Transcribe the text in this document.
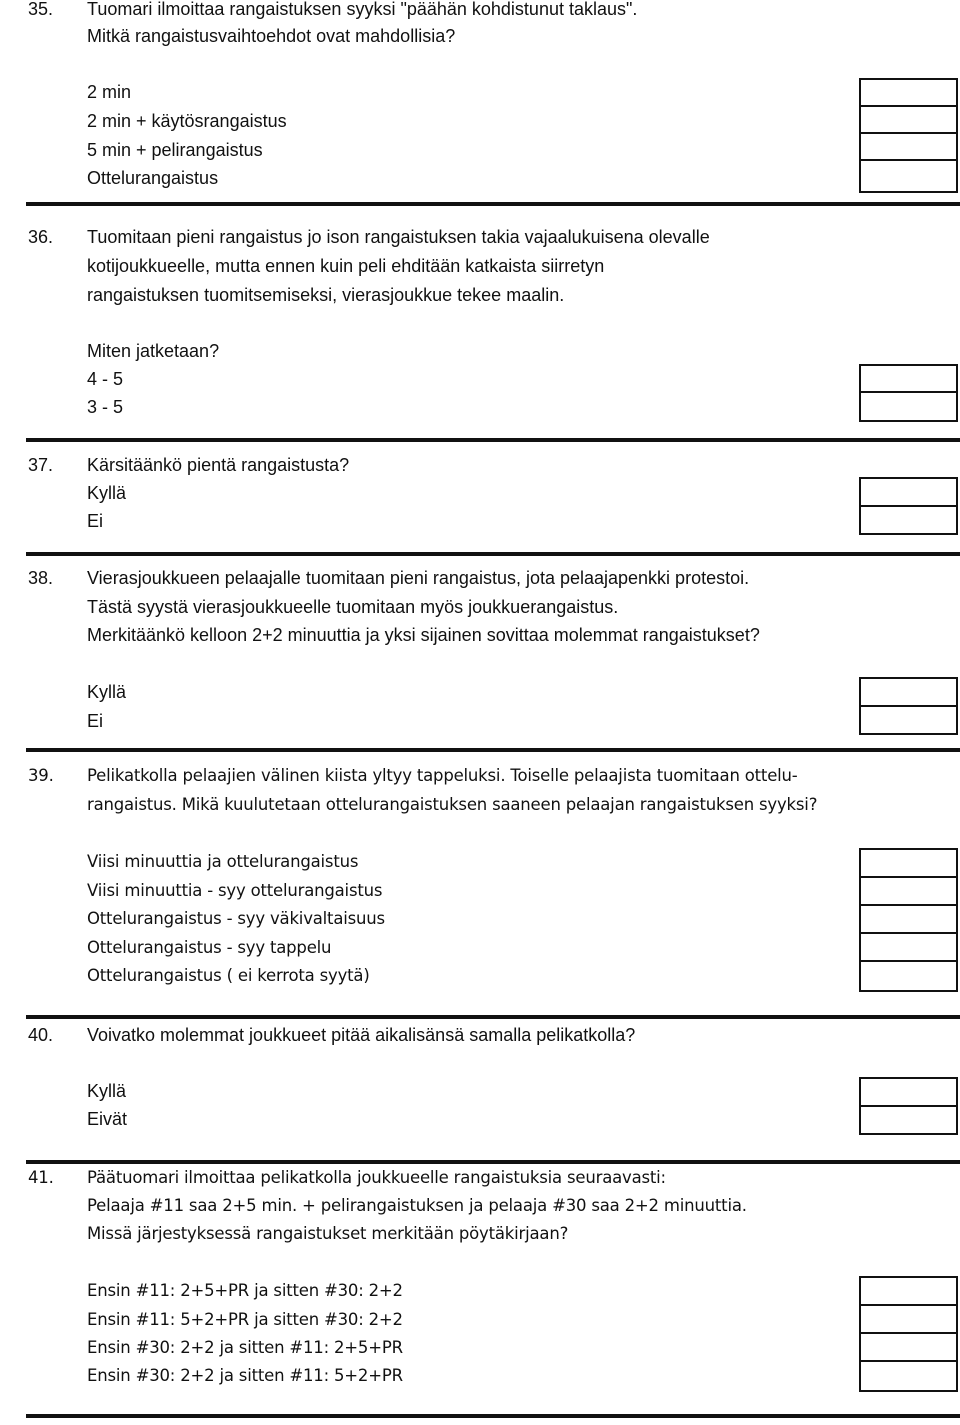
35. Tuomari ilmoittaa rangaistuksen syyksi "päähän kohdistunut taklaus".
Mitkä rangaistusvaihtoehdot ovat mahdollisia?
2 min
2 min + käytösrangaistus
5 min + pelirangaistus
Ottelurangaistus
36. Tuomitaan pieni rangaistus jo ison rangaistuksen takia vajaalukuisena olevalle
kotijoukkueelle, mutta ennen kuin peli ehditään katkaista siirretyn
rangaistuksen tuomitsemiseksi, vierasjoukkue tekee maalin.
Miten jatketaan?
4 - 5
3 - 5
37. Kärsitäänkö pientä rangaistusta?
Kyllä
Ei
38. Vierasjoukkueen pelaajalle tuomitaan pieni rangaistus, jota pelaajapenkki protestoi.
Tästä syystä vierasjoukkueelle tuomitaan myös joukkuerangaistus.
Merkitäänkö kelloon 2+2 minuuttia ja yksi sijainen sovittaa molemmat rangaistukset?
Kyllä
Ei
39. Pelikatkolla pelaajien välinen kiista yltyy tappeluksi. Toiselle pelaajista tuomitaan ottelu-
rangaistus. Mikä kuulutetaan ottelurangaistuksen saaneen pelaajan rangaistuksen syyksi?
Viisi minuuttia ja ottelurangaistus
Viisi minuuttia - syy ottelurangaistus
Ottelurangaistus - syy väkivaltaisuus
Ottelurangaistus - syy tappelu
Ottelurangaistus ( ei kerrota syytä)
40. Voivatko molemmat joukkueet pitää aikalisänsä samalla pelikatkolla?
Kyllä
Eivät
41. Päätuomari ilmoittaa pelikatkolla joukkueelle rangaistuksia seuraavasti:
Pelaaja #11 saa 2+5 min. + pelirangaistuksen ja pelaaja #30 saa 2+2 minuuttia.
Missä järjestyksessä rangaistukset merkitään pöytäkirjaan?
Ensin #11: 2+5+PR ja sitten #30: 2+2
Ensin #11: 5+2+PR ja sitten #30: 2+2
Ensin #30: 2+2 ja sitten #11: 2+5+PR
Ensin #30: 2+2 ja sitten #11: 5+2+PR
